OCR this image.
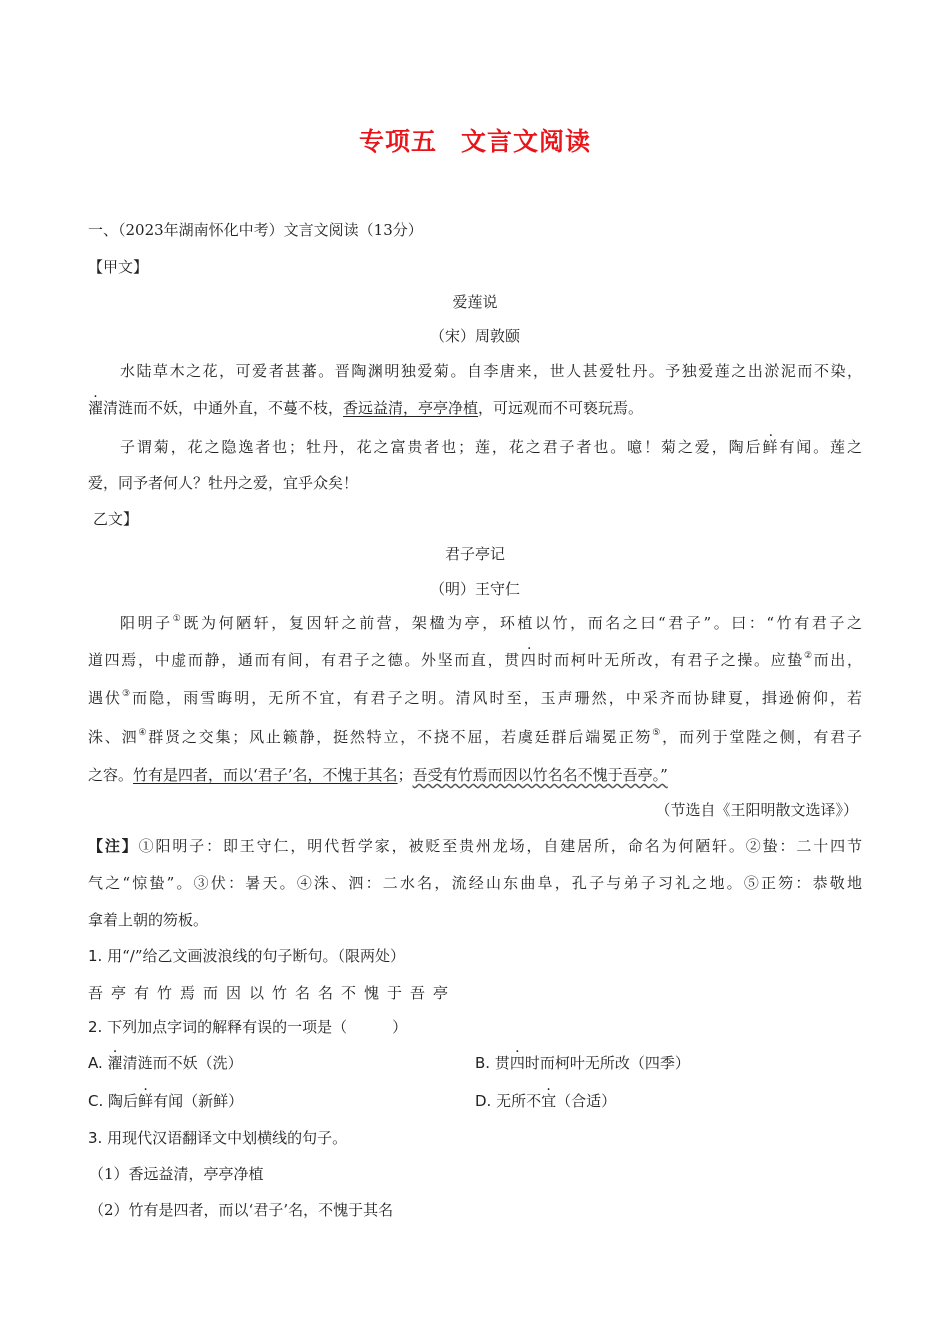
专项五 文言文阅读
一、（2023年湖南怀化中考）文言文阅读（13分）
【甲文】
爱莲说
（宋）周敦颐
水陆草木之花，可爱者甚蕃。晋陶渊明独爱菊。自李唐来，世人甚爱牡丹。予独爱莲之出淤泥而不染，
濯清涟而不妖，中通外直，不蔓不枝，香远益清，亭亭净植，可远观而不可亵玩焉。
子谓菊，花之隐逸者也；牡丹，花之富贵者也；莲，花之君子者也。噫！菊之爱，陶后鲜有闻。莲之
爱，同予者何人？牡丹之爱，宜乎众矣！
乙文】
君子亭记
（明）王守仁
阳明子①既为何陋轩，复因轩之前营，架楹为亭，环植以竹，而名之曰“君子”。曰：“竹有君子之
道四焉，中虚而静，通而有间，有君子之德。外坚而直，贯四时而柯叶无所改，有君子之操。应蛰②而出，
遇伏③而隐，雨雪晦明，无所不宜，有君子之明。清风时至，玉声珊然，中采齐而协肆夏，揖逊俯仰，若
洙、泗④群贤之交集；风止籁静，挺然特立，不挠不屈，若虞廷群后端冕正笏⑤，而列于堂陛之侧，有君子
之容。竹有是四者，而以‘君子’名，不愧于其名；吾受有竹焉而因以竹名名不愧于吾亭。”
（节选自《王阳明散文选译》）
【注】①阳明子：即王守仁，明代哲学家，被贬至贵州龙场，自建居所，命名为何陋轩。②蛰：二十四节
气之“惊蛰”。③伏：暑天。④洙、泗：二水名，流经山东曲阜，孔子与弟子习礼之地。⑤正笏：恭敬地
拿着上朝的笏板。
1. 用“/”给乙文画波浪线的句子断句。（限两处）
吾亭有竹焉而因以竹名名不愧于吾亭
2. 下列加点字词的解释有误的一项是（　　　）
A. 濯清涟而不妖（洗）	B. 贯四时而柯叶无所改（四季）
C. 陶后鲜有闻（新鲜）	D. 无所不宜（合适）
3. 用现代汉语翻译文中划横线的句子。
（1）香远益清，亭亭净植
（2）竹有是四者，而以‘君子’名，不愧于其名
